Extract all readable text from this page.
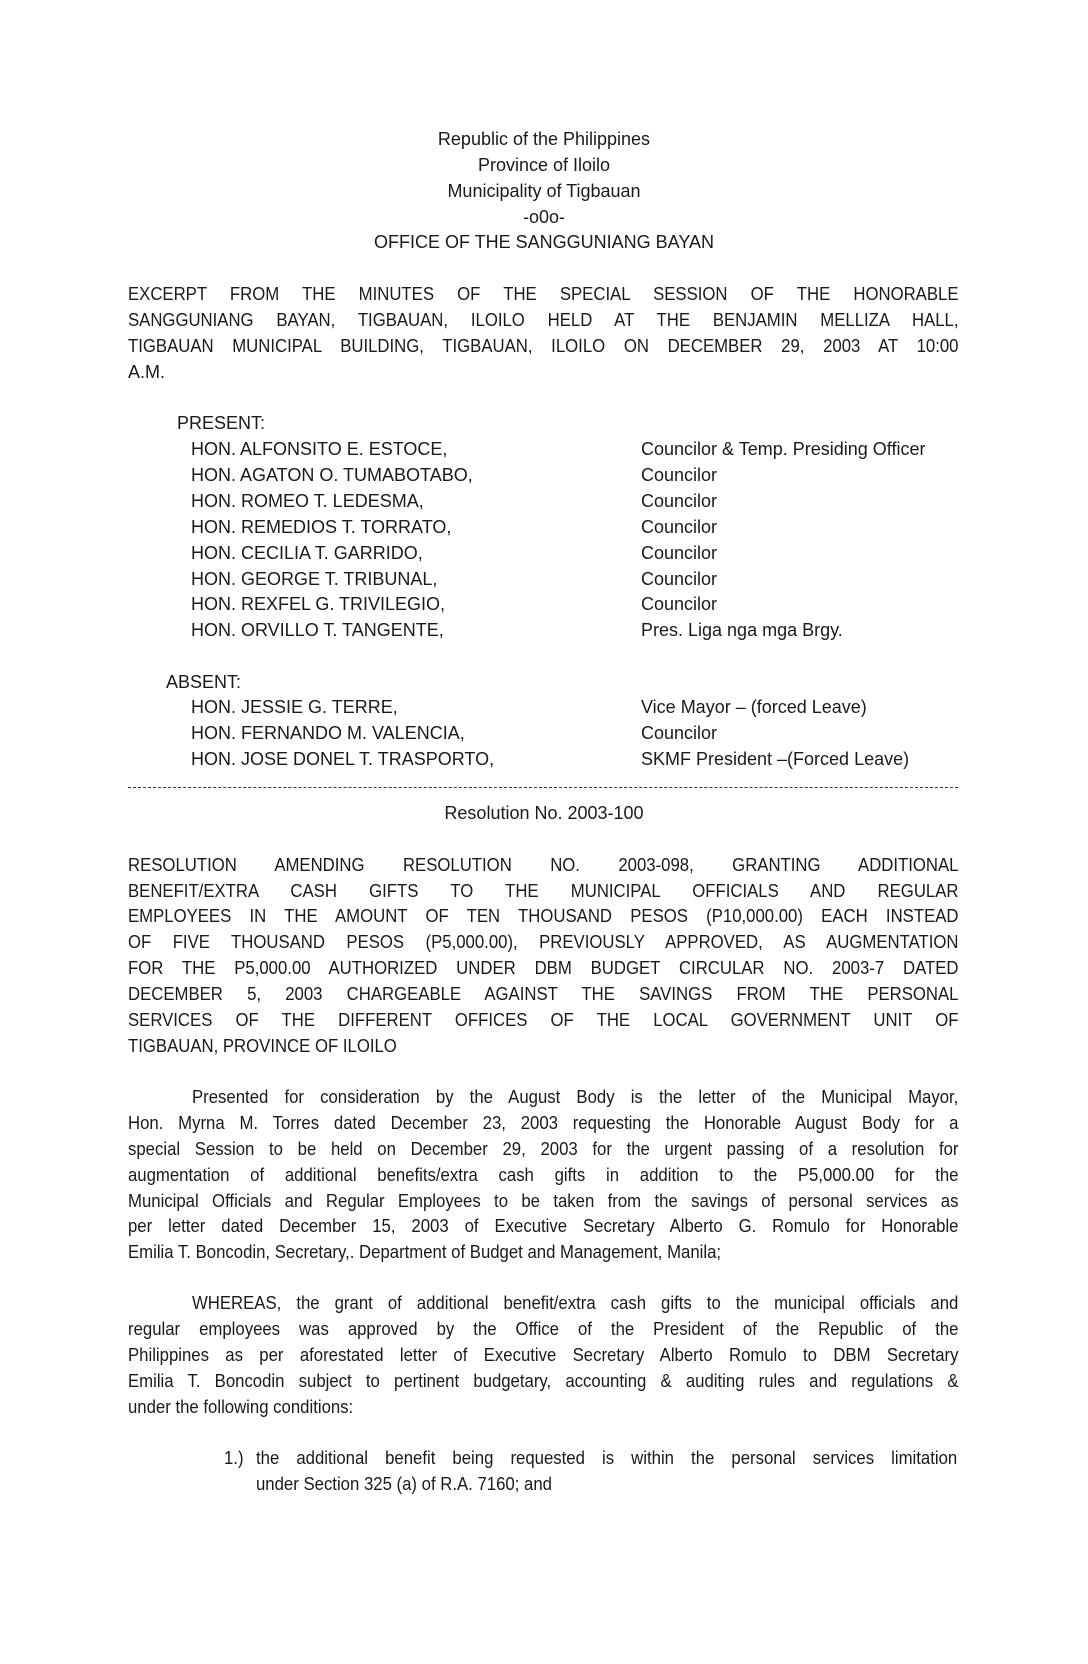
Republic of the Philippines
Province of Iloilo
Municipality of Tigbauan
-o0o-
OFFICE OF THE SANGGUNIANG BAYAN
EXCERPT FROM THE MINUTES OF THE SPECIAL SESSION OF THE HONORABLE
SANGGUNIANG BAYAN, TIGBAUAN, ILOILO HELD AT THE BENJAMIN MELLIZA HALL,
TIGBAUAN MUNICIPAL BUILDING, TIGBAUAN, ILOILO ON DECEMBER 29, 2003 AT 10:00
A.M.
PRESENT:
HON. ALFONSITO E. ESTOCE,	Councilor & Temp. Presiding Officer
HON. AGATON O. TUMABOTABO,	Councilor
HON. ROMEO T. LEDESMA,	Councilor
HON. REMEDIOS T. TORRATO,	Councilor
HON. CECILIA T. GARRIDO,	Councilor
HON. GEORGE T. TRIBUNAL,	Councilor
HON. REXFEL G. TRIVILEGIO,	Councilor
HON. ORVILLO T. TANGENTE,	Pres. Liga nga mga Brgy.
ABSENT:
HON. JESSIE G. TERRE,	Vice Mayor – (forced Leave)
HON. FERNANDO M. VALENCIA,	Councilor
HON. JOSE DONEL T. TRASPORTO,	SKMF President –(Forced Leave)
Resolution No. 2003-100
RESOLUTION AMENDING RESOLUTION NO. 2003-098, GRANTING ADDITIONAL
BENEFIT/EXTRA CASH GIFTS TO THE MUNICIPAL OFFICIALS AND REGULAR
EMPLOYEES IN THE AMOUNT OF TEN THOUSAND PESOS (P10,000.00) EACH INSTEAD
OF FIVE THOUSAND PESOS (P5,000.00), PREVIOUSLY APPROVED, AS AUGMENTATION
FOR THE P5,000.00 AUTHORIZED UNDER DBM BUDGET CIRCULAR NO. 2003-7 DATED
DECEMBER 5, 2003 CHARGEABLE AGAINST THE SAVINGS FROM THE PERSONAL
SERVICES OF THE DIFFERENT OFFICES OF THE LOCAL GOVERNMENT UNIT OF
TIGBAUAN, PROVINCE OF ILOILO
Presented for consideration by the August Body is the letter of the Municipal Mayor,
Hon. Myrna M. Torres dated December 23, 2003 requesting the Honorable August Body for a
special Session to be held on December 29, 2003 for the urgent passing of a resolution for
augmentation of additional benefits/extra cash gifts in addition to the P5,000.00 for the
Municipal Officials and Regular Employees to be taken from the savings of personal services as
per letter dated December 15, 2003 of Executive Secretary Alberto G. Romulo for Honorable
Emilia T. Boncodin, Secretary,. Department of Budget and Management, Manila;
WHEREAS, the grant of additional benefit/extra cash gifts to the municipal officials and
regular employees was approved by the Office of the President of the Republic of the
Philippines as per aforestated letter of Executive Secretary Alberto Romulo to DBM Secretary
Emilia T. Boncodin subject to pertinent budgetary, accounting & auditing rules and regulations &
under the following conditions:
1.) the additional benefit being requested is within the personal services limitation
under Section 325 (a) of R.A. 7160; and
